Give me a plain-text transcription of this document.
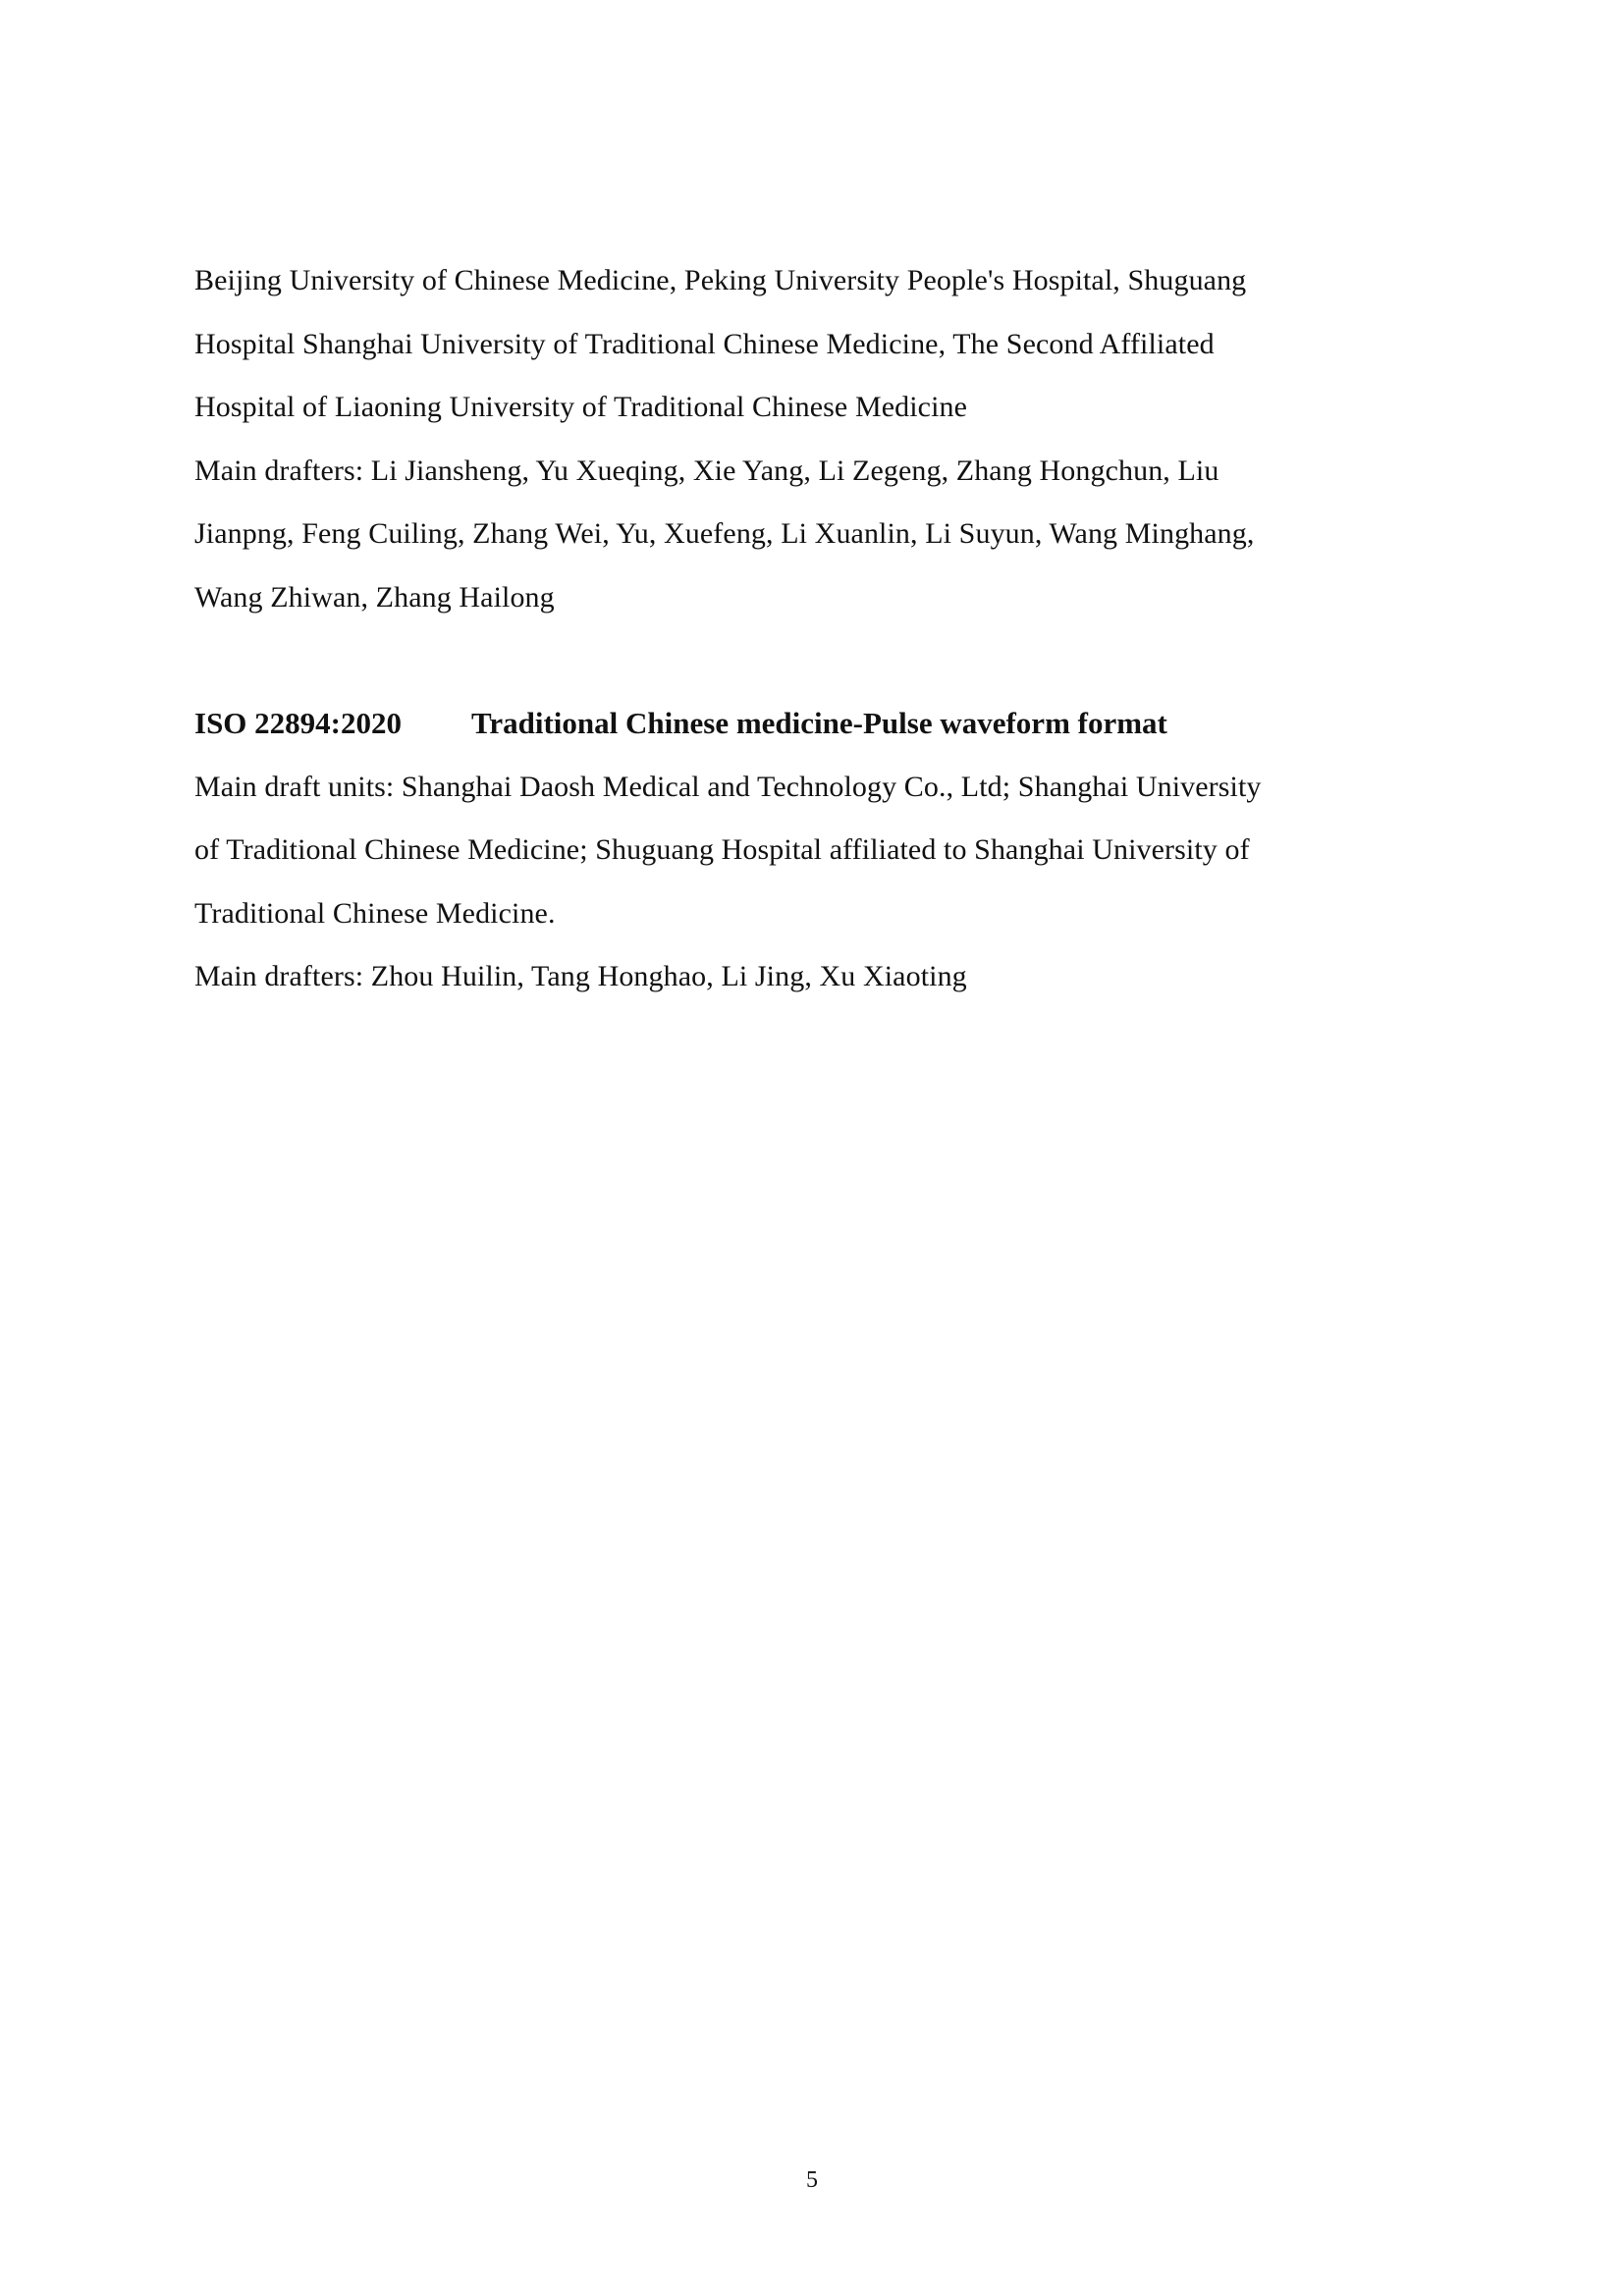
Beijing University of Chinese Medicine, Peking University People's Hospital, Shuguang
Hospital Shanghai University of Traditional Chinese Medicine, The Second Affiliated
Hospital of Liaoning University of Traditional Chinese Medicine
Main drafters: Li Jiansheng, Yu Xueqing, Xie Yang, Li Zegeng, Zhang Hongchun, Liu
Jianpng, Feng Cuiling, Zhang Wei, Yu, Xuefeng, Li Xuanlin, Li Suyun, Wang Minghang,
Wang Zhiwan, Zhang Hailong
ISO 22894:2020 Traditional Chinese medicine-Pulse waveform format
Main draft units: Shanghai Daosh Medical and Technology Co., Ltd; Shanghai University
of Traditional Chinese Medicine; Shuguang Hospital affiliated to Shanghai University of
Traditional Chinese Medicine.
Main drafters: Zhou Huilin, Tang Honghao, Li Jing, Xu Xiaoting
5
